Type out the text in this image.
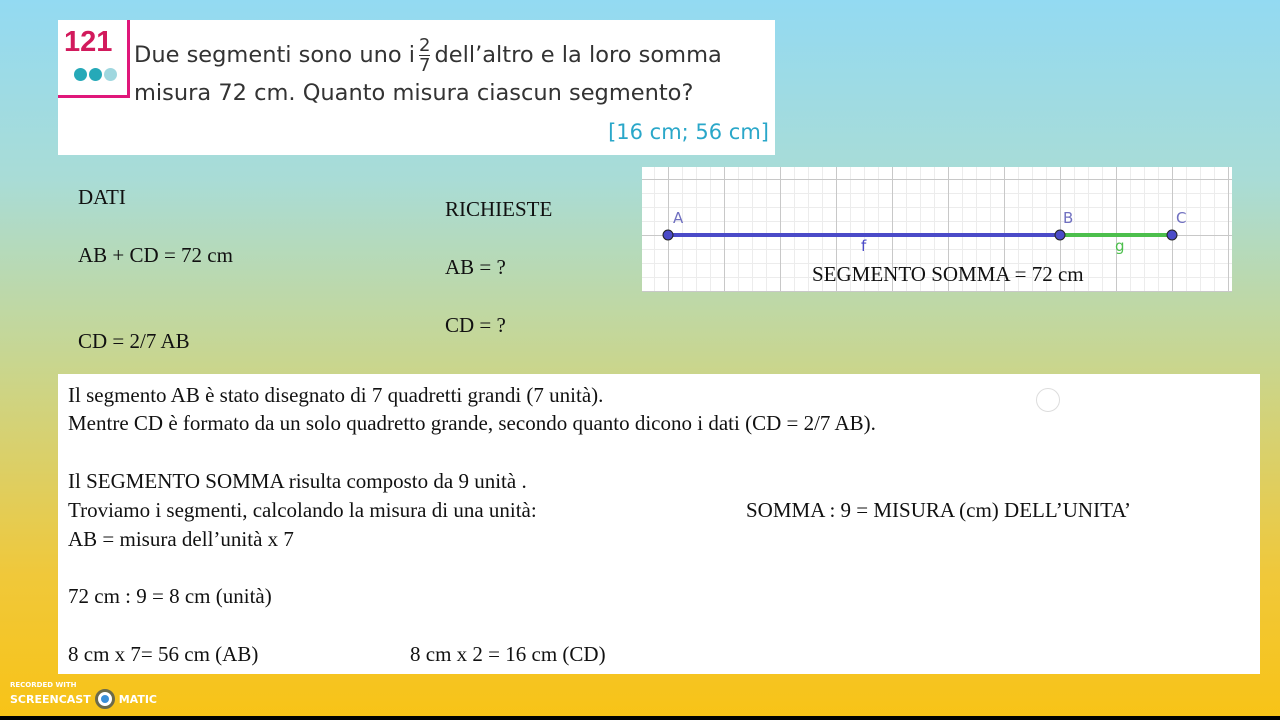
121 Due segmenti sono uno i $\frac{2}{7}$ dell’altro e la loro somma
misura 72 cm. Quanto misura ciascun segmento?
[16 cm; 56 cm]
DATI
AB + CD = 72 cm
CD = 2/7 AB
RICHIESTE
AB = ?
CD = ?
A	B	C
f	g
SEGMENTO SOMMA = 72 cm
Il segmento AB è stato disegnato di 7 quadretti grandi (7 unità).
Mentre CD è formato da un solo quadretto grande, secondo quanto dicono i dati (CD = 2/7 AB).
Il SEGMENTO SOMMA risulta composto da 9 unità .
Troviamo i segmenti, calcolando la misura di una unità:	SOMMA : 9 = MISURA (cm) DELL’UNITA’
AB = misura dell’unità x 7
72 cm : 9 = 8 cm (unità)
8 cm x 7= 56 cm (AB)	8 cm x 2 = 16 cm (CD)
RECORDED WITH
SCREENCAST	MATIC
